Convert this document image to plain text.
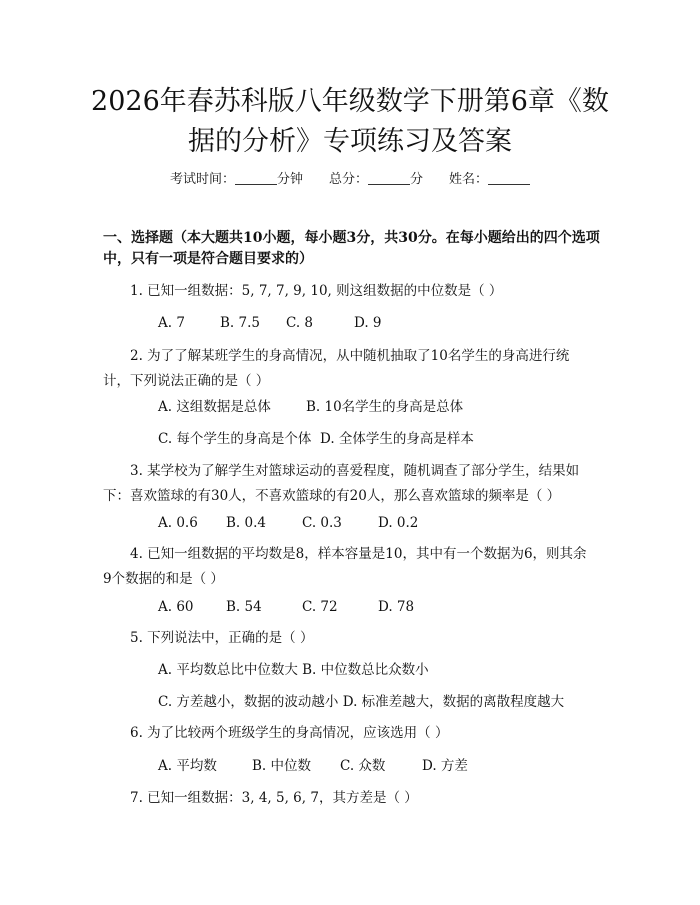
2026年春苏科版八年级数学下册第6章《数据的分析》专项练习及答案
考试时间：	分钟 总分：	分 姓名：

一、选择题（本大题共10小题，每小题3分，共30分。在每小题给出的四个选项中，只有一项是符合题目要求的）

1. 已知一组数据：5, 7, 7, 9, 10, 则这组数据的中位数是（ ）

A. 7	B. 7.5 C. 8	D. 9

2. 为了了解某班学生的身高情况，从中随机抽取了10名学生的身高进行统计，下列说法正确的是（ ）

A. 这组数据是总体	B. 10名学生的身高是总体
C. 每个学生的身高是个体 D. 全体学生的身高是样本

3. 某学校为了解学生对篮球运动的喜爱程度，随机调查了部分学生，结果如下：喜欢篮球的有30人，不喜欢篮球的有20人，那么喜欢篮球的频率是（ ）

A. 0.6 B. 0.4	C. 0.3	D. 0.2

4. 已知一组数据的平均数是8，样本容量是10，其中有一个数据为6，则其余9个数据的和是（ ）

A. 60 B. 54	C. 72	D. 78

5. 下列说法中，正确的是（ ）

A. 平均数总比中位数大 B. 中位数总比众数小
C. 方差越小，数据的波动越小 D. 标准差越大，数据的离散程度越大

6. 为了比较两个班级学生的身高情况，应该选用（ ）

A. 平均数	B. 中位数 C. 众数	D. 方差

7. 已知一组数据：3, 4, 5, 6, 7，其方差是（ ）
